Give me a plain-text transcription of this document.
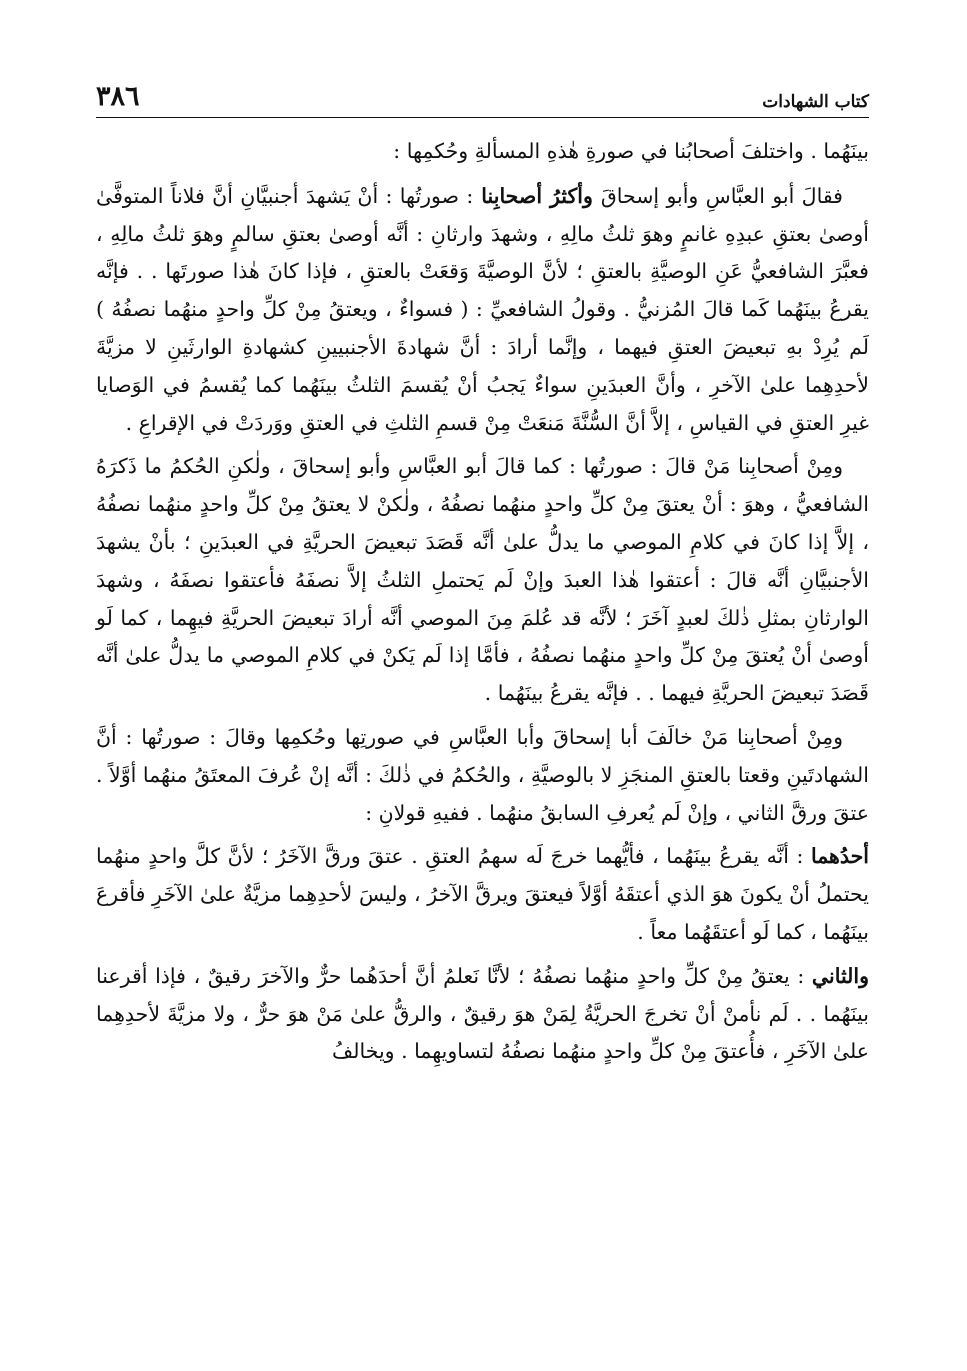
٣٨٦	كتاب الشهادات

بينَهُما . واختلفَ أصحابُنا في صورةِ هٰذهِ المسألةِ وحُكمِها :

فقالَ أبو العبَّاسِ وأبو إسحاقَ وأكثرُ أصحابِنا : صورتُها : أنْ يَشهدَ أجنبيَّانِ أنَّ فلاناً المتوفَّىٰ أوصىٰ بعتقِ عبدِهِ غانمٍ وهوَ ثلثُ مالِهِ ، وشهدَ وارثانِ : أنَّه أوصىٰ بعتقِ سالمٍ وهوَ ثلثُ مالِهِ ، فعبَّرَ الشافعيُّ عَنِ الوصيَّةِ بالعتقِ ؛ لأنَّ الوصيَّةَ وَقعَتْ بالعتقِ ، فإذا كانَ هٰذا صورتَها . . فإنَّه يقرعُ بينَهُما كَما قالَ المُزنيُّ . وقولُ الشافعيِّ : ( فسواءٌ ، ويعتقُ مِنْ كلِّ واحدٍ منهُما نصفُهُ ) لَم يُرِدْ بهِ تبعيضَ العتقِ فيهما ، وإنَّما أرادَ : أنَّ شهادةَ الأجنبيينِ كشهادةِ الوارثَينِ لا مزيَّةَ لأحدِهِما علىٰ الآخرِ ، وأنَّ العبدَينِ سواءٌ يَجبُ أنْ يُقسمَ الثلثُ بينَهُما كما يُقسمُ في الوَصايا غيرِ العتقِ في القياسِ ، إلاَّ أنَّ السُّنَّةَ مَنعَتْ مِنْ قسمِ الثلثِ في العتقِ ووَردَتْ في الإقراعِ .

ومِنْ أصحابِنا مَنْ قالَ : صورتُها : كما قالَ أبو العبَّاسِ وأبو إسحاقَ ، ولٰكنِ الحُكمُ ما ذَكرَهُ الشافعيُّ ، وهوَ : أنْ يعتقَ مِنْ كلِّ واحدٍ منهُما نصفُهُ ، ولٰكنْ لا يعتقُ مِنْ كلِّ واحدٍ منهُما نصفُهُ ، إلاَّ إذا كانَ في كلامِ الموصي ما يدلُّ علىٰ أنَّه قَصَدَ تبعيضَ الحريَّةِ في العبدَينِ ؛ بأنْ يشهدَ الأجنبيَّانِ أنَّه قالَ : أعتقوا هٰذا العبدَ وإنْ لَم يَحتملِ الثلثُ إلاَّ نصفَهُ فأعتقوا نصفَهُ ، وشهدَ الوارثانِ بمثلِ ذٰلكَ لعبدٍ آخَرَ ؛ لأنَّه قد عُلمَ مِنَ الموصي أنَّه أرادَ تبعيضَ الحريَّةِ فيهِما ، كما لَو أوصىٰ أنْ يُعتقَ مِنْ كلِّ واحدٍ منهُما نصفُهُ ، فأمَّا إذا لَم يَكنْ في كلامِ الموصي ما يدلُّ علىٰ أنَّه قَصَدَ تبعيضَ الحريَّةِ فيهما . . فإنَّه يقرعُ بينَهُما .

ومِنْ أصحابِنا مَنْ خالَفَ أبا إسحاقَ وأبا العبَّاسِ في صورتِها وحُكمِها وقالَ : صورتُها : أنَّ الشهادتَينِ وقعتا بالعتقِ المنجَزِ لا بالوصيَّةِ ، والحُكمُ في ذٰلكَ : أنَّه إنْ عُرفَ المعتَقُ منهُما أوَّلاً . عتقَ ورقَّ الثاني ، وإنْ لَم يُعرفِ السابقُ منهُما . ففيهِ قولانِ :

أحدُهما : أنَّه يقرعُ بينَهُما ، فأيُّهما خرجَ لَه سهمُ العتقِ . عتقَ ورقَّ الآخَرُ ؛ لأنَّ كلَّ واحدٍ منهُما يحتملُ أنْ يكونَ هوَ الذي أعتقَهُ أوَّلاً فيعتقَ ويرقَّ الآخرُ ، وليسَ لأحدِهِما مزيَّةٌ علىٰ الآخَرِ فأقرعَ بينَهُما ، كما لَو أعتقَهُما معاً .

والثاني : يعتقُ مِنْ كلِّ واحدٍ منهُما نصفُهُ ؛ لأنَّا نَعلمُ أنَّ أحدَهُما حرٌّ والآخرَ رقيقٌ ، فإذا أقرعنا بينَهُما . . لَم نأمنْ أنْ تخرجَ الحريَّةُ لِمَنْ هوَ رقيقٌ ، والرقُّ علىٰ مَنْ هوَ حرٌّ ، ولا مزيَّةَ لأحدِهِما علىٰ الآخَرِ ، فأُعتقَ مِنْ كلِّ واحدٍ منهُما نصفُهُ لتساويهِما . ويخالفُ
